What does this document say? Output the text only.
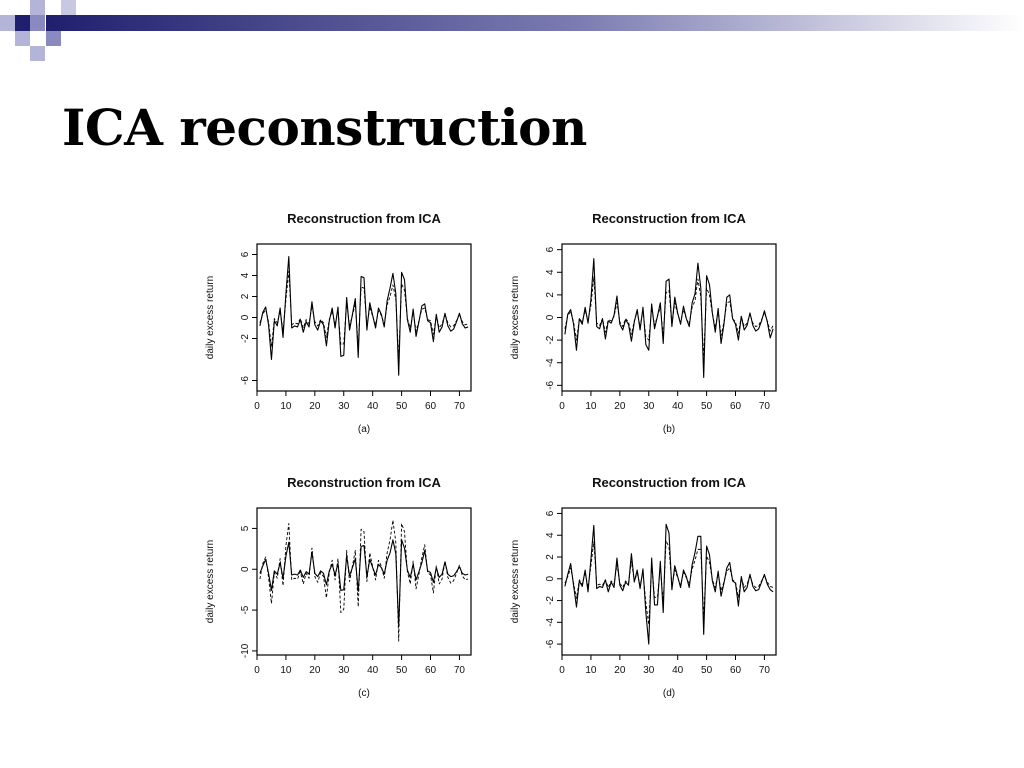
ICA reconstruction
Reconstruction from ICA
daily excess return
-6
-2
0
2
4
6
0 10 20 30 40 50 60 70
(a)
Reconstruction from ICA
daily excess return
-6
-4
-2
0
2
4
6
0 10 20 30 40 50 60 70
(b)
Reconstruction from ICA
daily excess return
-10
-5
0
5
0 10 20 30 40 50 60 70
(c)
Reconstruction from ICA
daily excess return
-6
-4
-2
0
2
4
6
0 10 20 30 40 50 60 70
(d)
